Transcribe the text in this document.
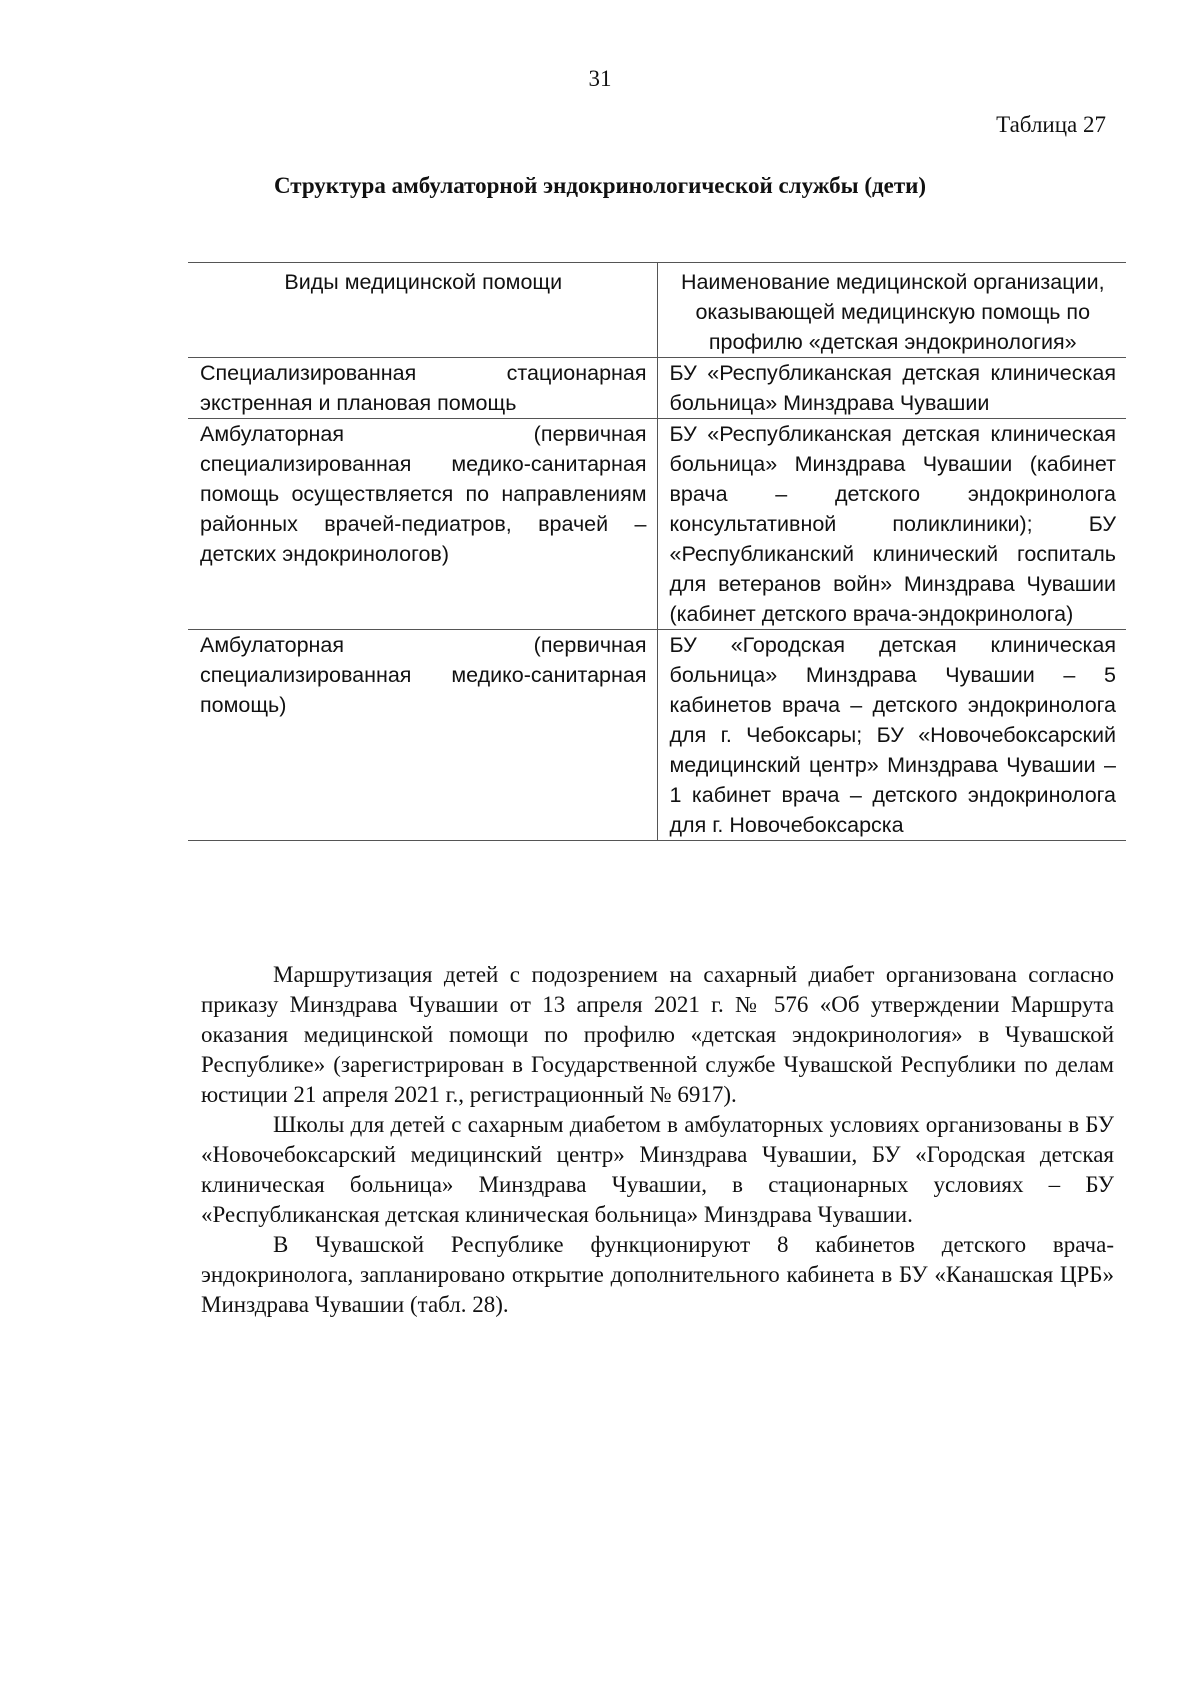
31
Таблица 27
Структура амбулаторной эндокринологической службы (дети)
Виды медицинской помощи	Наименование медицинской организации, оказывающей медицинскую помощь по профилю «детская эндокринология»
Специализированная стационарная экстренная и плановая помощь	БУ «Республиканская детская клиническая больница» Минздрава Чувашии
Амбулаторная (первичная специализированная медико-санитарная помощь осуществляется по направлениям районных врачей-педиатров, врачей – детских эндокринологов)	БУ «Республиканская детская клиническая больница» Минздрава Чувашии (кабинет врача – детского эндокринолога консультативной поликлиники); БУ «Республиканский клинический госпиталь для ветеранов войн» Минздрава Чувашии (кабинет детского врача-эндокринолога)
Амбулаторная (первичная специализированная медико-санитарная помощь)	БУ «Городская детская клиническая больница» Минздрава Чувашии – 5 кабинетов врача – детского эндокринолога для г. Чебоксары; БУ «Новочебоксарский медицинский центр» Минздрава Чувашии – 1 кабинет врача – детского эндокринолога для г. Новочебоксарска

Маршрутизация детей с подозрением на сахарный диабет организована согласно приказу Минздрава Чувашии от 13 апреля 2021 г. № 576 «Об утверждении Маршрута оказания медицинской помощи по профилю «детская эндокринология» в Чувашской Республике» (зарегистрирован в Государственной службе Чувашской Республики по делам юстиции 21 апреля 2021 г., регистрационный № 6917).

Школы для детей с сахарным диабетом в амбулаторных условиях организованы в БУ «Новочебоксарский медицинский центр» Минздрава Чувашии, БУ «Городская детская клиническая больница» Минздрава Чувашии, в стационарных условиях – БУ «Республиканская детская клиническая больница» Минздрава Чувашии.

В Чувашской Республике функционируют 8 кабинетов детского врача-эндокринолога, запланировано открытие дополнительного кабинета в БУ «Канашская ЦРБ» Минздрава Чувашии (табл. 28).
